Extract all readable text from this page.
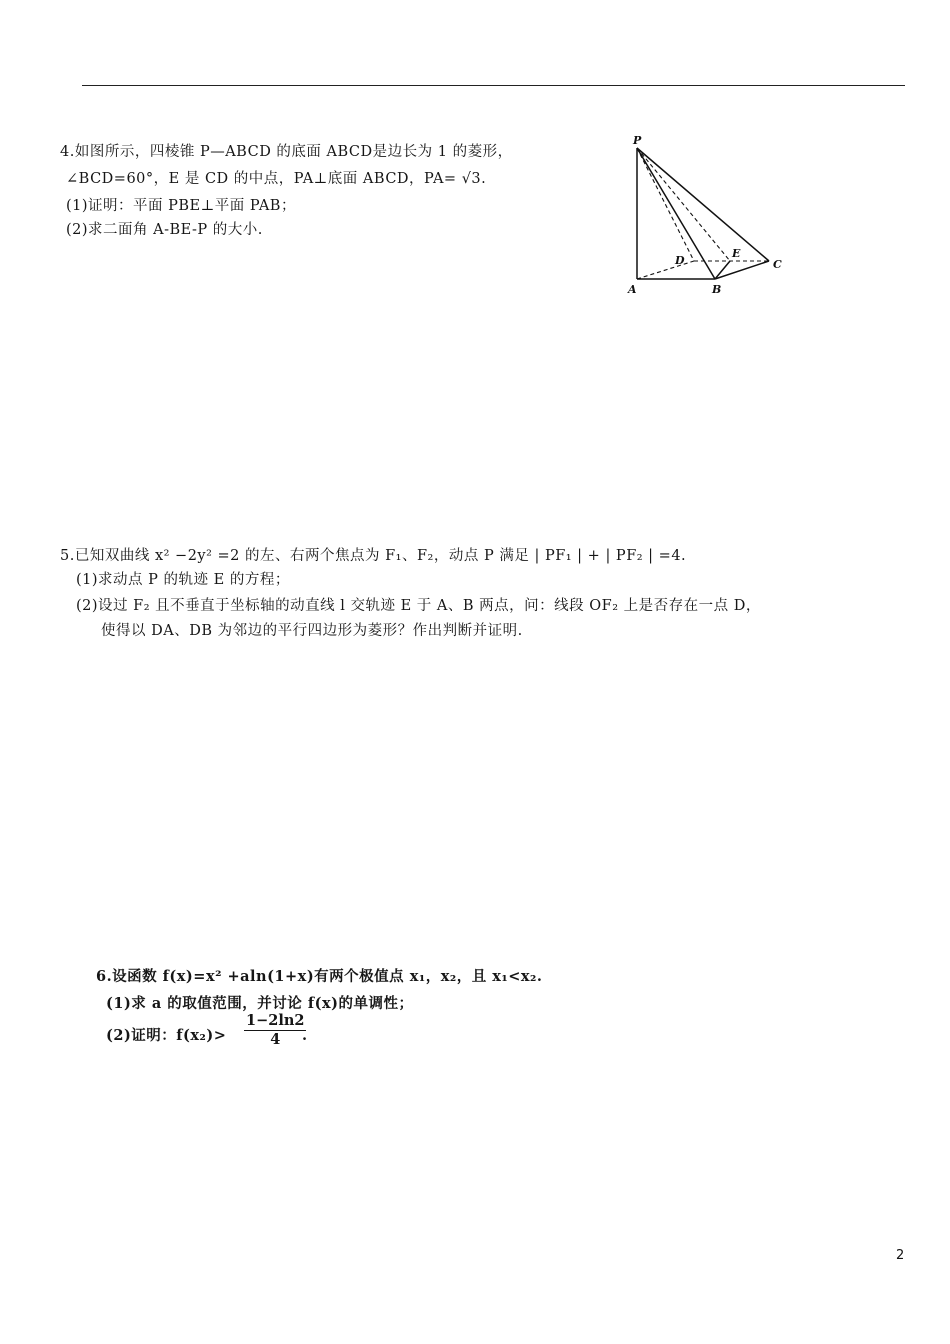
4.如图所示，四棱锥 P—ABCD 的底面 ABCD是边长为 1 的菱形，
∠BCD=60°，E 是 CD 的中点，PA⊥底面 ABCD，PA= √3.
(1)证明：平面 PBE⊥平面 PAB；
(2)求二面角 A-BE-P 的大小.
P
A	B
C
D
E
5.已知双曲线 x² −2y² =2 的左、右两个焦点为 F₁、F₂，动点 P 满足 | PF₁ | + | PF₂ | =4.
(1)求动点 P 的轨迹 E 的方程；
(2)设过 F₂ 且不垂直于坐标轴的动直线 l 交轨迹 E 于 A、B 两点，问：线段 OF₂ 上是否存在一点 D，
使得以 DA、DB 为邻边的平行四边形为菱形？作出判断并证明.
6.设函数 f(x)=x² +aln(1+x)有两个极值点 x₁，x₂，且 x₁<x₂.
(1)求 a 的取值范围，并讨论 f(x)的单调性；
(2)证明：$f(x_2)> \frac{1-2\ln 2}{4}$
.
2
